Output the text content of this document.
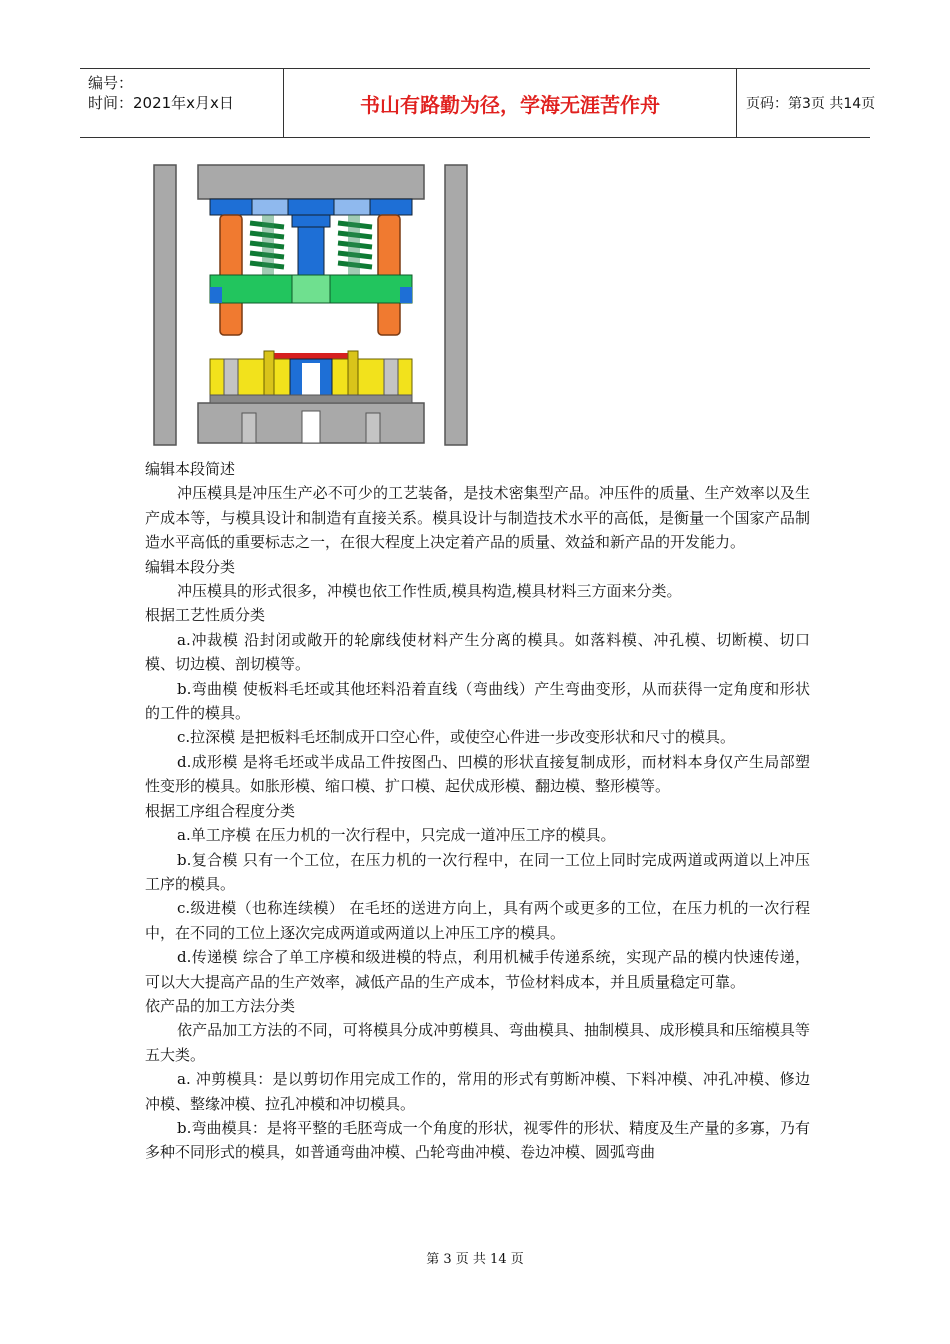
编号：
时间：2021年x月x日	书山有路勤为径，学海无涯苦作舟	页码：第3页 共14页

编辑本段简述

冲压模具是冲压生产必不可少的工艺装备，是技术密集型产品。冲压件的质量、生产效率以及生产成本等，与模具设计和制造有直接关系。模具设计与制造技术水平的高低，是衡量一个国家产品制造水平高低的重要标志之一，在很大程度上决定着产品的质量、效益和新产品的开发能力。

编辑本段分类

冲压模具的形式很多，冲模也依工作性质,模具构造,模具材料三方面来分类。

根据工艺性质分类

a.冲裁模 沿封闭或敞开的轮廓线使材料产生分离的模具。如落料模、冲孔模、切断模、切口模、切边模、剖切模等。

b.弯曲模 使板料毛坯或其他坯料沿着直线（弯曲线）产生弯曲变形，从而获得一定角度和形状的工件的模具。

c.拉深模 是把板料毛坯制成开口空心件，或使空心件进一步改变形状和尺寸的模具。

d.成形模 是将毛坯或半成品工件按图凸、凹模的形状直接复制成形，而材料本身仅产生局部塑性变形的模具。如胀形模、缩口模、扩口模、起伏成形模、翻边模、整形模等。

根据工序组合程度分类

a.单工序模 在压力机的一次行程中，只完成一道冲压工序的模具。

b.复合模 只有一个工位，在压力机的一次行程中，在同一工位上同时完成两道或两道以上冲压工序的模具。

c.级进模（也称连续模） 在毛坯的送进方向上，具有两个或更多的工位，在压力机的一次行程中，在不同的工位上逐次完成两道或两道以上冲压工序的模具。

d.传递模 综合了单工序模和级进模的特点，利用机械手传递系统，实现产品的模内快速传递，可以大大提高产品的生产效率，减低产品的生产成本，节俭材料成本，并且质量稳定可靠。

依产品的加工方法分类

依产品加工方法的不同，可将模具分成冲剪模具、弯曲模具、抽制模具、成形模具和压缩模具等五大类。

a. 冲剪模具：是以剪切作用完成工作的，常用的形式有剪断冲模、下料冲模、冲孔冲模、修边冲模、整缘冲模、拉孔冲模和冲切模具。

b.弯曲模具：是将平整的毛胚弯成一个角度的形状，视零件的形状、精度及生产量的多寡，乃有多种不同形式的模具，如普通弯曲冲模、凸轮弯曲冲模、卷边冲模、圆弧弯曲

第 3 页 共 14 页
